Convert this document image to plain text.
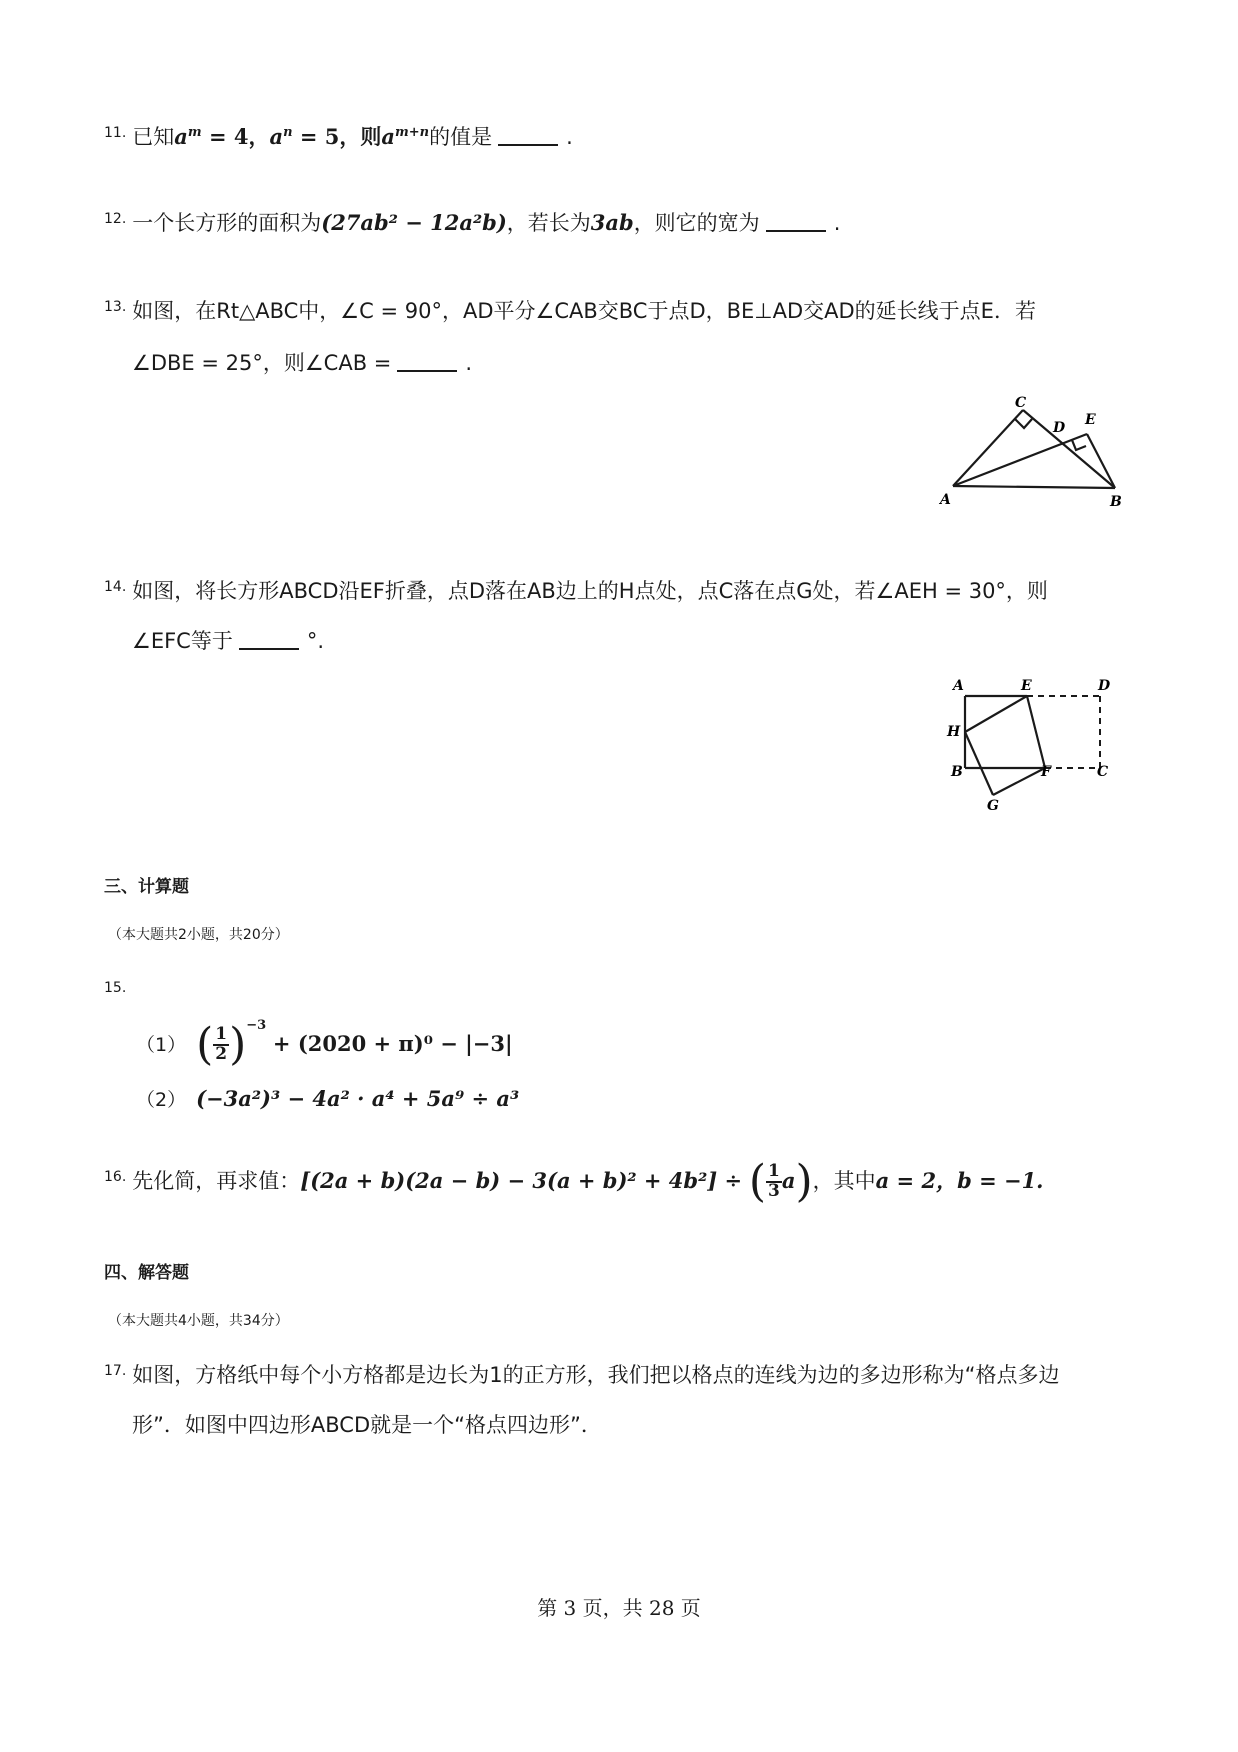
$^{11.}$ 已知$a^m = 4$，$a^n = 5$，则$a^{m+n}$的值是	.
$^{12.}$ 一个长方形的面积为(27ab² − 12a²b)，若长为3ab，则它的宽为	.
$^{13.}$ 如图，在Rt△ABC中，∠C = 90°，AD平分∠CAB交BC于点D，BE⊥AD交AD的延长线于点E．若
∠DBE = 25°，则∠CAB =	.
C
D E
A	B
$^{14.}$ 如图，将长方形ABCD沿EF折叠，点D落在AB边上的H点处，点C落在点G处，若∠AEH = 30°，则
∠EFC等于	°.
A	E	D
H
B	F	C
G
三、计算题
（本大题共2小题，共20分）
15.
（1） ( $\frac{1}{2} )^{-3} + (2020 + \pi)^0 - |-3|$
（2） (−3a²)³ − 4a² · a⁴ + 5a⁹ ÷ a³
$^{16.}$ 先化简，再求值：[(2a + b)(2a − b) − 3(a + b)² + 4b²] ÷ ( $\frac{1}{3} a$)，其中a = 2，b = −1.
四、解答题
（本大题共4小题，共34分）
$^{17.}$ 如图，方格纸中每个小方格都是边长为1的正方形，我们把以格点的连线为边的多边形称为“格点多边
形”．如图中四边形ABCD就是一个“格点四边形”．
第 3 页，共 28 页
